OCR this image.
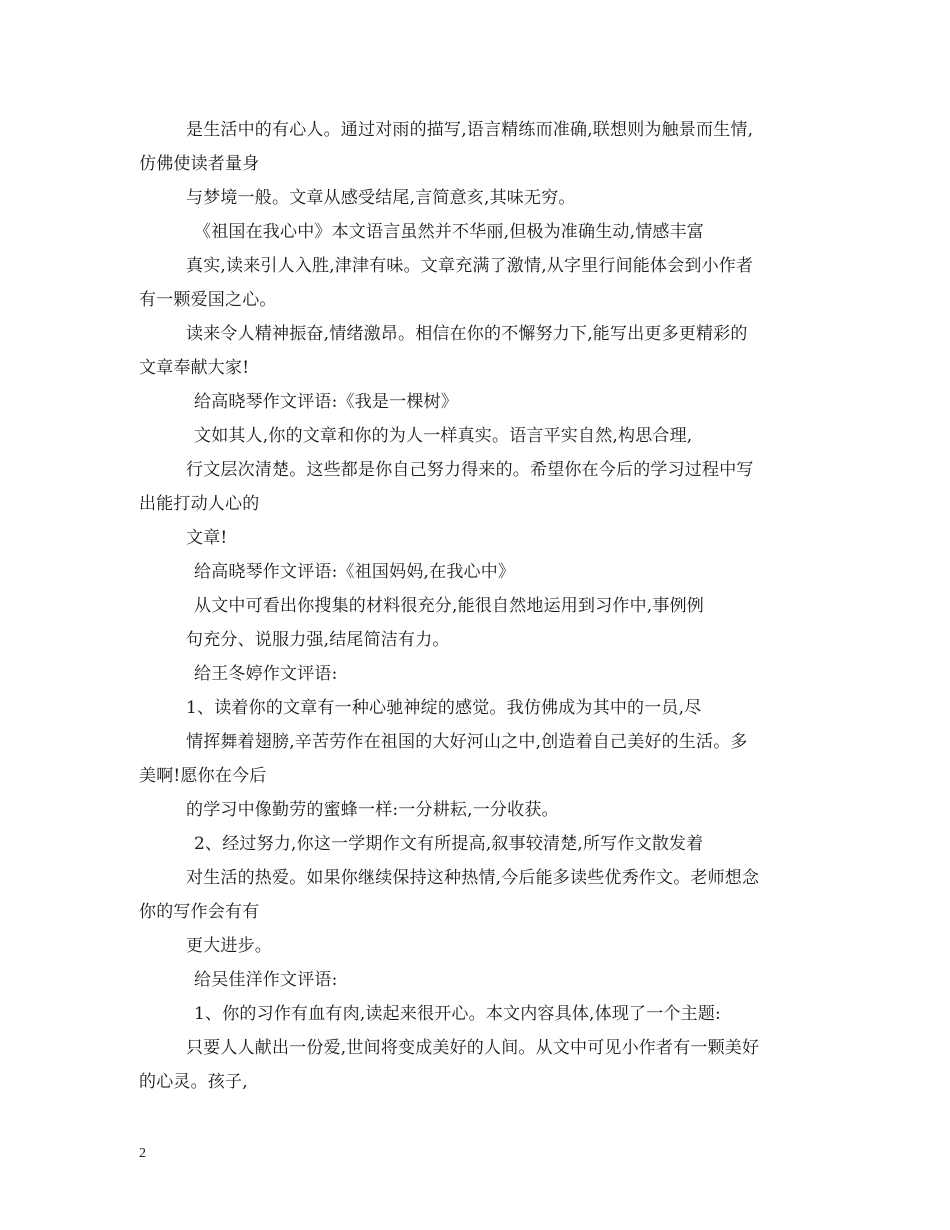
是生活中的有心人。通过对雨的描写,语言精练而准确,联想则为触景而生情,
仿佛使读者量身
与梦境一般。文章从感受结尾,言简意亥,其味无穷。
《祖国在我心中》本文语言虽然并不华丽,但极为准确生动,情感丰富
真实,读来引人入胜,津津有味。文章充满了激情,从字里行间能体会到小作者
有一颗爱国之心。
读来令人精神振奋,情绪激昂。相信在你的不懈努力下,能写出更多更精彩的
文章奉献大家!
给高晓琴作文评语:《我是一棵树》
文如其人,你的文章和你的为人一样真实。语言平实自然,构思合理,
行文层次清楚。这些都是你自己努力得来的。希望你在今后的学习过程中写
出能打动人心的
文章!
给高晓琴作文评语:《祖国妈妈,在我心中》
从文中可看出你搜集的材料很充分,能很自然地运用到习作中,事例例
句充分、说服力强,结尾简洁有力。
给王冬婷作文评语:
1、读着你的文章有一种心驰神绽的感觉。我仿佛成为其中的一员,尽
情挥舞着翅膀,辛苦劳作在祖国的大好河山之中,创造着自己美好的生活。多
美啊!愿你在今后
的学习中像勤劳的蜜蜂一样:一分耕耘,一分收获。
2、经过努力,你这一学期作文有所提高,叙事较清楚,所写作文散发着
对生活的热爱。如果你继续保持这种热情,今后能多读些优秀作文。老师想念
你的写作会有有
更大进步。
给吴佳洋作文评语:
1、你的习作有血有肉,读起来很开心。本文内容具体,体现了一个主题:
只要人人献出一份爱,世间将变成美好的人间。从文中可见小作者有一颗美好
的心灵。孩子,
2
